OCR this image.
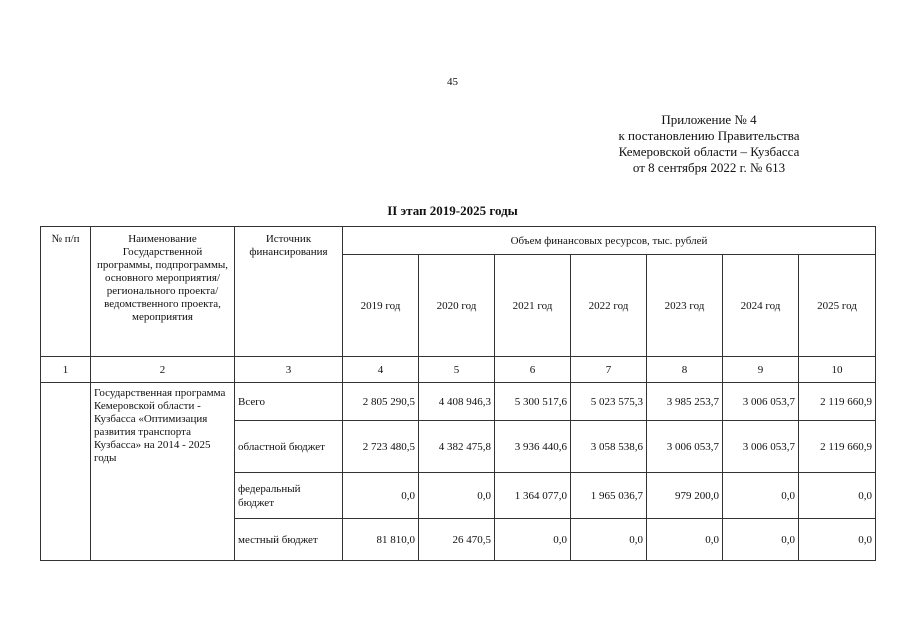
45
Приложение № 4
к постановлению Правительства
Кемеровской области – Кузбасса
от 8 сентября 2022 г. № 613
II этап 2019-2025 годы
№ п/п	Наименование Государственной программы, подпрограммы, основного мероприятия/ регионального проекта/ведомственного проекта, мероприятия	Источник финансирования	Объем финансовых ресурсов, тыс. рублей						
			2019 год	2020 год	2021 год	2022 год	2023 год	2024 год	2025 год
1	2	3	4	5	6	7	8	9	10
	Государственная программа Кемеровской области - Кузбасса «Оптимизация развития транспорта Кузбасса» на 2014 - 2025 годы	Всего	2 805 290,5	4 408 946,3	5 300 517,6	5 023 575,3	3 985 253,7	3 006 053,7	2 119 660,9
		областной бюджет	2 723 480,5	4 382 475,8	3 936 440,6	3 058 538,6	3 006 053,7	3 006 053,7	2 119 660,9
		федеральный бюджет	0,0	0,0	1 364 077,0	1 965 036,7	979 200,0	0,0	0,0
		местный бюджет	81 810,0	26 470,5	0,0	0,0	0,0	0,0	0,0
